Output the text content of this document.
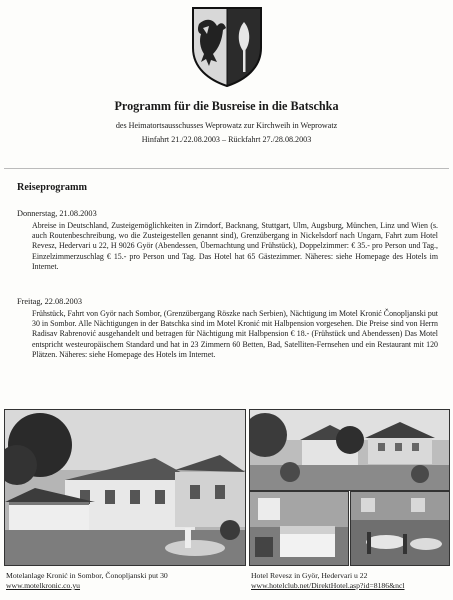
Programm für die Busreise in die Batschka
des Heimatortsausschusses Weprowatz zur Kirchweih in Weprowatz
Hinfahrt 21./22.08.2003 – Rückfahrt 27./28.08.2003
Reiseprogramm
Donnerstag, 21.08.2003
Abreise in Deutschland, Zusteigemöglichkeiten in Zirndorf, Backnang, Stuttgart, Ulm, Augsburg, München, Linz und Wien (s. auch Routenbeschreibung, wo die Zusteigestellen genannt sind), Grenzübergang in Nickelsdorf nach Ungarn, Fahrt zum Hotel Revesz, Hedervari u 22, H 9026 Györ (Abendessen, Übernachtung und Frühstück), Doppelzimmer: € 35.- pro Person und Tag., Einzelzimmerzuschlag € 15.- pro Person und Tag. Das Hotel hat 65 Gästezimmer. Näheres: siehe Homepage des Hotels im Internet.
Freitag, 22.08.2003
Frühstück, Fahrt von Györ nach Sombor, (Grenzübergang Röszke nach Serbien), Nächtigung im Motel Kronić Čonopljanski put 30 in Sombor. Alle Nächtigungen in der Batschka sind im Motel Kronić mit Halbpension vorgesehen. Die Preise sind von Herrn Radisav Rabrenović ausgehandelt und betragen für Nächtigung mit Halbpension € 18.- (Frühstück und Abendessen) Das Motel entspricht westeuropäischem Standard und hat in 23 Zimmern 60 Betten, Bad, Satelliten-Fernsehen und ein Restaurant mit 120 Plätzen. Näheres: siehe Homepage des Hotels im Internet.
Motelanlage Kronić in Sombor, Čonopljanski put 30
www.motelkronic.co.yu
Hotel Revesz in Györ, Hedervari u 22
www.hotelclub.net/DirektHotel.asp?id=8186&ncl
